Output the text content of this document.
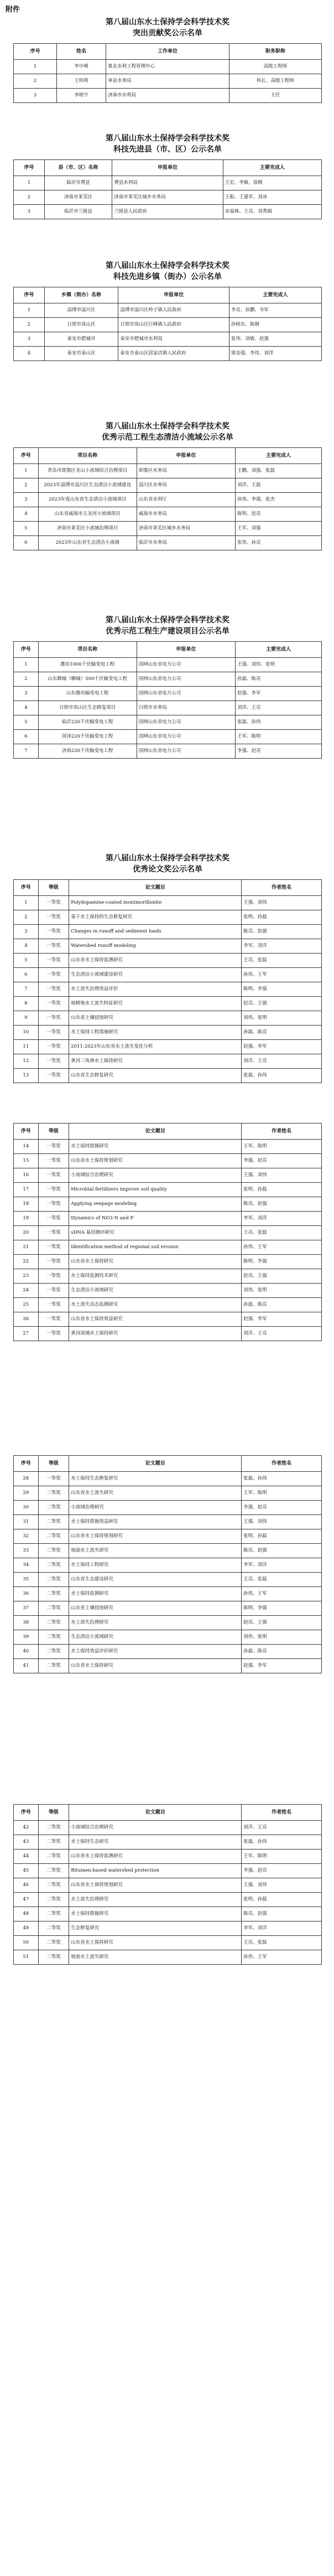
附件

第八届山东水土保持学会科学技术奖

突出贡献奖公示名单

序号	姓名	工作单位	职务职称
1	李中峰	鲁北水利工程管理中心	高级工程师
2	王明利	单县水务局	科长、高级工程师
3	李晓宇	济南市水利局	主任

第八届山东水土保持学会科学技术奖

科技先进县（市、区）公示名单

序号	县（市、区）名称	申报单位	主要完成人
1	临沂市费县	费县水利局	王宏、李敏、徐刚
2	济南市莱芜区	济南市莱芜区城乡水务局	王振、王建军、刘冰
3	临沂市兰陵县	兰陵县人民政府	宋福林、王亮、刘秀娟

第八届山东水土保持学会科学技术奖

科技先进乡镇（街办）公示名单

序号	乡镇（街办）名称	申报单位	主要完成人
1	淄博市淄川区	淄博市淄川区岭子镇人民政府	李亮、孙鹏、韦军
2	日照市岚山区	日照市岚山区巨峰镇人民政府	孙晓东、陈刚
3	泰安市肥城市	泰安市肥城市水利局	张伟、刘敏、赵强
4	泰安市泰山区	泰安市泰山区邱家店镇人民政府	梁金强、李伟、刘洋

第八届山东水土保持学会科学技术奖

优秀示范工程生态清洁小流域公示名单

序号	项目名称	申报单位	主要完成人
1	青岛市即墨区龙山小流域综合治理项目	即墨区水务局	王鹏、刘强、张磊
2	2023年淄博市淄川区生态清洁小流域建设	淄川区水务局	刘洋、王磊
3	2023年度山东省生态清洁小流域项目	山东省水利厅	孙伟、李强、张杰
4	山东省威海市五龙河小流域项目	威海市水务局	陈明、赵亮
5	济南市莱芜区小流域治理项目	济南市莱芜区城乡水务局	王军、刘强
6	2023年山东省生态清洁小流域	临沂市水务局	张伟、孙亮

第八届山东水土保持学会科学技术奖

优秀示范工程生产建设项目公示名单

序号	项目名称	申报单位	主要完成人
1	潍坊1000千伏输变电工程	国网山东省电力公司	王强、刘伟、张明
2	山东聊城（聊城）500千伏输变电工程	国网山东省电力公司	孙磊、陈亮
3	山东潍坊输变电工程	国网山东省电力公司	赵强、李军
4	日照市岚山区生态修复项目	日照市水务局	刘洋、王亮
5	临沂220千伏输变电工程	国网山东省电力公司	张磊、孙伟
6	菏泽220千伏输变电工程	国网山东省电力公司	王军、陈明
7	济南220千伏输变电工程	国网山东省电力公司	李强、赵亮

第八届山东水土保持学会科学技术奖

优秀论文奖公示名单

序号	等级	论文题目	作者姓名
1	一等奖	Polydopamine-coated montmorillonite	王强、刘伟
2	一等奖	基于水土保持的生态修复研究	张明、孙磊
3	一等奖	Changes in runoff and sediment loads	陈亮、赵强
4	一等奖	Watershed runoff modeling	李军、刘洋
5	一等奖	山东省水土保持监测研究	王亮、张磊
6	一等奖	生态清洁小流域建设研究	孙伟、王军
7	一等奖	水土流失治理效益评价	陈明、李强
8	一等奖	坡耕地水土流失特征研究	赵亮、王强
9	一等奖	山东省土壤侵蚀研究	刘伟、张明
10	一等奖	水土保持工程措施研究	孙磊、陈亮
11	一等奖	2011-2023年山东省水土流失变化分析	赵强、李军
12	一等奖	黄河三角洲水土保持研究	刘洋、王亮
13	一等奖	山东省生态修复研究	张磊、孙伟
序号	等级	论文题目	作者姓名
14	一等奖	水土保持措施研究	王军、陈明
15	一等奖	山东省水土保持规划研究	李强、赵亮
16	一等奖	小流域综合治理研究	王强、刘伟
17	一等奖	Microbial fertilizers improve soil quality	张明、孙磊
18	一等奖	Applying seepage modeling	陈亮、赵强
19	一等奖	Dynamics of NO3-N and P	李军、刘洋
20	一等奖	sDNA 基因测序研究	王亮、张磊
21	一等奖	Identification method of regional soil erosion	孙伟、王军
22	一等奖	山东省水土保持研究	陈明、李强
23	一等奖	水土保持监测技术研究	赵亮、王强
24	一等奖	生态清洁小流域研究	刘伟、张明
25	一等奖	水土流失动态监测研究	孙磊、陈亮
26	一等奖	山东省水土保持效益研究	赵强、李军
27	一等奖	黄河流域水土保持研究	刘洋、王亮
序号	等级	论文题目	作者姓名
28	一等奖	水土保持生态修复研究	张磊、孙伟
29	二等奖	山东省水土流失研究	王军、陈明
30	二等奖	小流域治理研究	李强、赵亮
31	二等奖	水土保持措施效益研究	王强、刘伟
32	二等奖	山东省水土保持规划研究	张明、孙磊
33	二等奖	坡面水土流失研究	陈亮、赵强
34	二等奖	水土保持工程研究	李军、刘洋
35	二等奖	山东省生态建设研究	王亮、张磊
36	二等奖	水土保持监测研究	孙伟、王军
37	二等奖	山东省土壤侵蚀研究	陈明、李强
38	二等奖	水土流失治理研究	赵亮、王强
39	二等奖	生态清洁小流域研究	刘伟、张明
40	二等奖	水土保持效益评价研究	孙磊、陈亮
41	二等奖	山东省水土保持研究	赵强、李军
序号	等级	论文题目	作者姓名
42	二等奖	小流域综合治理研究	刘洋、王亮
43	二等奖	水土保持生态研究	张磊、孙伟
44	二等奖	山东省水土保持监测研究	王军、陈明
45	二等奖	Bitumen-based watershed protection	李强、赵亮
46	二等奖	山东省水土保持规划研究	王强、刘伟
47	二等奖	水土流失治理研究	张明、孙磊
48	二等奖	水土保持措施研究	陈亮、赵强
49	二等奖	生态修复研究	李军、刘洋
50	二等奖	山东省水土保持研究	王亮、张磊
51	二等奖	坡面水土流失研究	孙伟、王军
